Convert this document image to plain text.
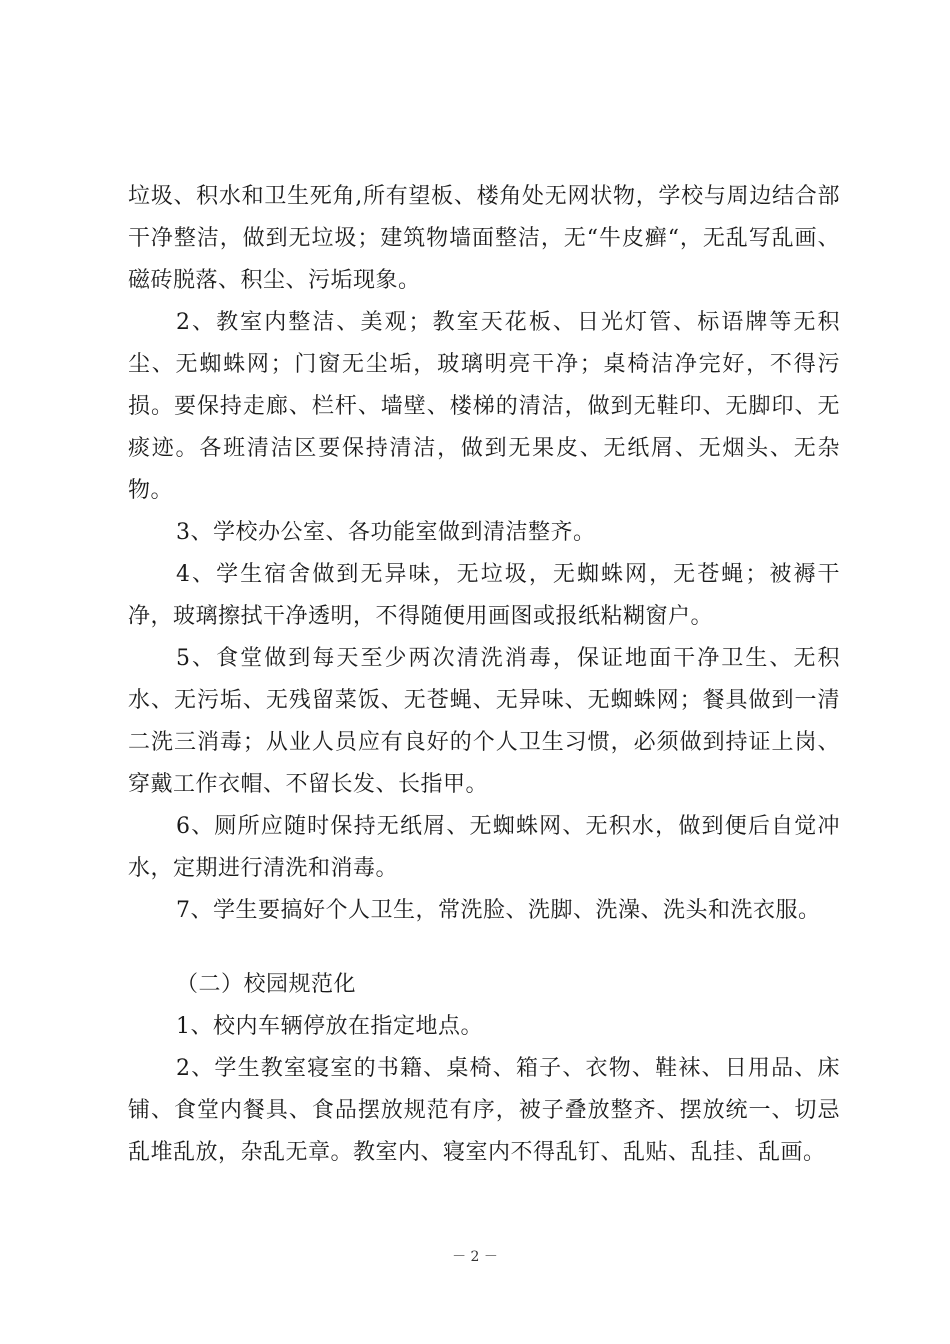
垃圾、积水和卫生死角,所有望板、楼角处无网状物，学校与周边结合部干净整洁，做到无垃圾；建筑物墙面整洁，无“牛皮癣“，无乱写乱画、磁砖脱落、积尘、污垢现象。

2、教室内整洁、美观；教室天花板、日光灯管、标语牌等无积尘、无蜘蛛网；门窗无尘垢，玻璃明亮干净；桌椅洁净完好，不得污损。要保持走廊、栏杆、墙壁、楼梯的清洁，做到无鞋印、无脚印、无痰迹。各班清洁区要保持清洁，做到无果皮、无纸屑、无烟头、无杂物。

3、学校办公室、各功能室做到清洁整齐。

4、学生宿舍做到无异味，无垃圾，无蜘蛛网，无苍蝇；被褥干净，玻璃擦拭干净透明，不得随便用画图或报纸粘糊窗户。

5、食堂做到每天至少两次清洗消毒，保证地面干净卫生、无积水、无污垢、无残留菜饭、无苍蝇、无异味、无蜘蛛网；餐具做到一清二洗三消毒；从业人员应有良好的个人卫生习惯，必须做到持证上岗、穿戴工作衣帽、不留长发、长指甲。

6、厕所应随时保持无纸屑、无蜘蛛网、无积水，做到便后自觉冲水，定期进行清洗和消毒。

7、学生要搞好个人卫生，常洗脸、洗脚、洗澡、洗头和洗衣服。

（二）校园规范化

1、校内车辆停放在指定地点。

2、学生教室寝室的书籍、桌椅、箱子、衣物、鞋袜、日用品、床铺、食堂内餐具、食品摆放规范有序，被子叠放整齐、摆放统一、切忌乱堆乱放，杂乱无章。教室内、寝室内不得乱钉、乱贴、乱挂、乱画。

－ 2 －
